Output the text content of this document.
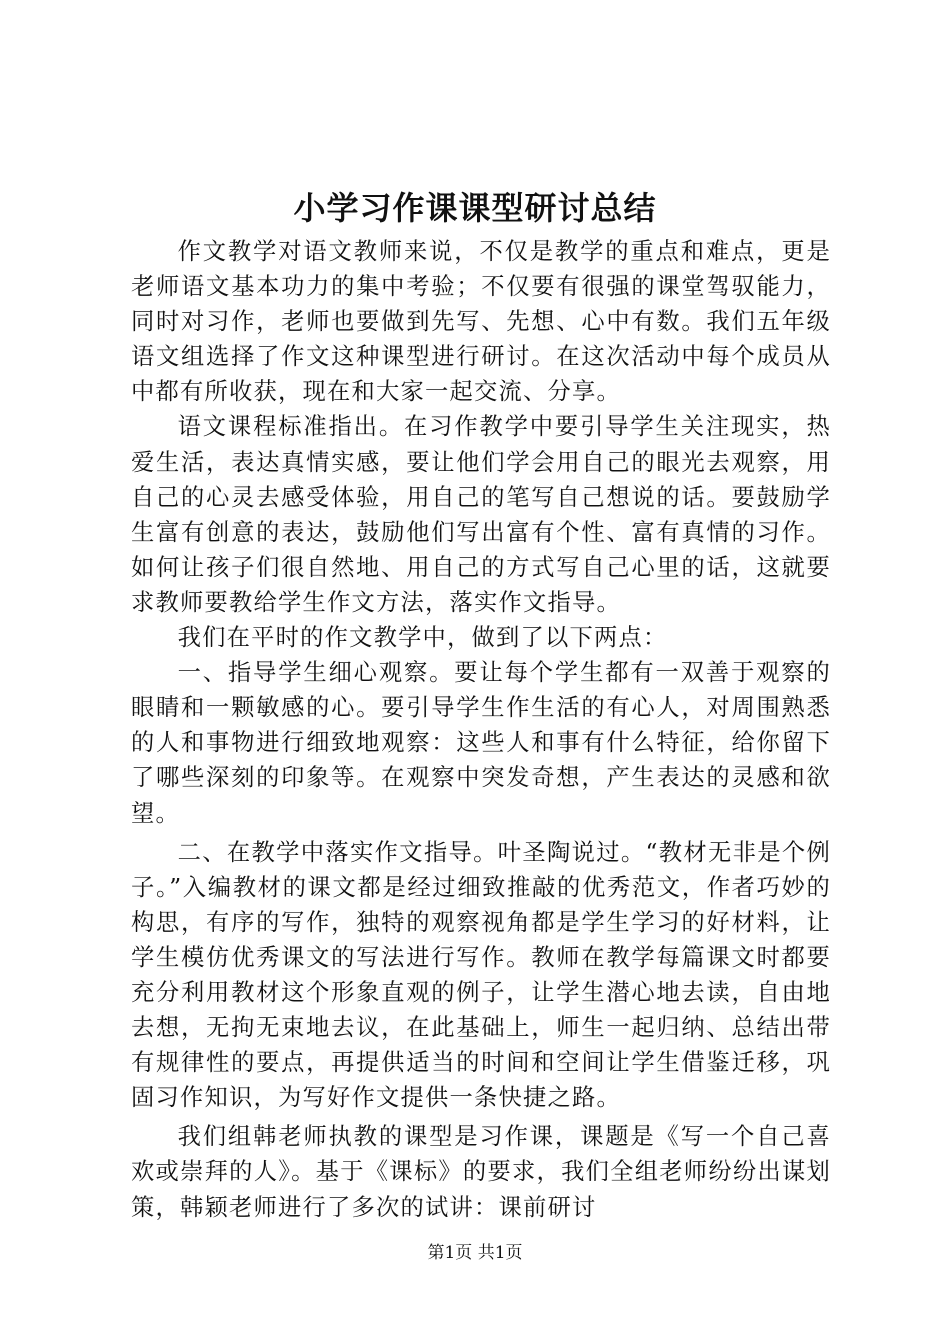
小学习作课课型研讨总结

作文教学对语文教师来说，不仅是教学的重点和难点，更是老师语文基本功力的集中考验；不仅要有很强的课堂驾驭能力，同时对习作，老师也要做到先写、先想、心中有数。我们五年级语文组选择了作文这种课型进行研讨。在这次活动中每个成员从中都有所收获，现在和大家一起交流、分享。

语文课程标准指出。在习作教学中要引导学生关注现实，热爱生活，表达真情实感，要让他们学会用自己的眼光去观察，用自己的心灵去感受体验，用自己的笔写自己想说的话。要鼓励学生富有创意的表达，鼓励他们写出富有个性、富有真情的习作。如何让孩子们很自然地、用自己的方式写自己心里的话，这就要求教师要教给学生作文方法，落实作文指导。

我们在平时的作文教学中，做到了以下两点：

一、指导学生细心观察。要让每个学生都有一双善于观察的眼睛和一颗敏感的心。要引导学生作生活的有心人，对周围熟悉的人和事物进行细致地观察：这些人和事有什么特征，给你留下了哪些深刻的印象等。在观察中突发奇想，产生表达的灵感和欲望。

二、在教学中落实作文指导。叶圣陶说过。“教材无非是个例子。”入编教材的课文都是经过细致推敲的优秀范文，作者巧妙的构思，有序的写作，独特的观察视角都是学生学习的好材料，让学生模仿优秀课文的写法进行写作。教师在教学每篇课文时都要充分利用教材这个形象直观的例子，让学生潜心地去读，自由地去想，无拘无束地去议，在此基础上，师生一起归纳、总结出带有规律性的要点，再提供适当的时间和空间让学生借鉴迁移，巩固习作知识，为写好作文提供一条快捷之路。

我们组韩老师执教的课型是习作课，课题是《写一个自己喜欢或崇拜的人》。基于《课标》的要求，我们全组老师纷纷出谋划策，韩颖老师进行了多次的试讲：课前研讨

第1页 共1页
